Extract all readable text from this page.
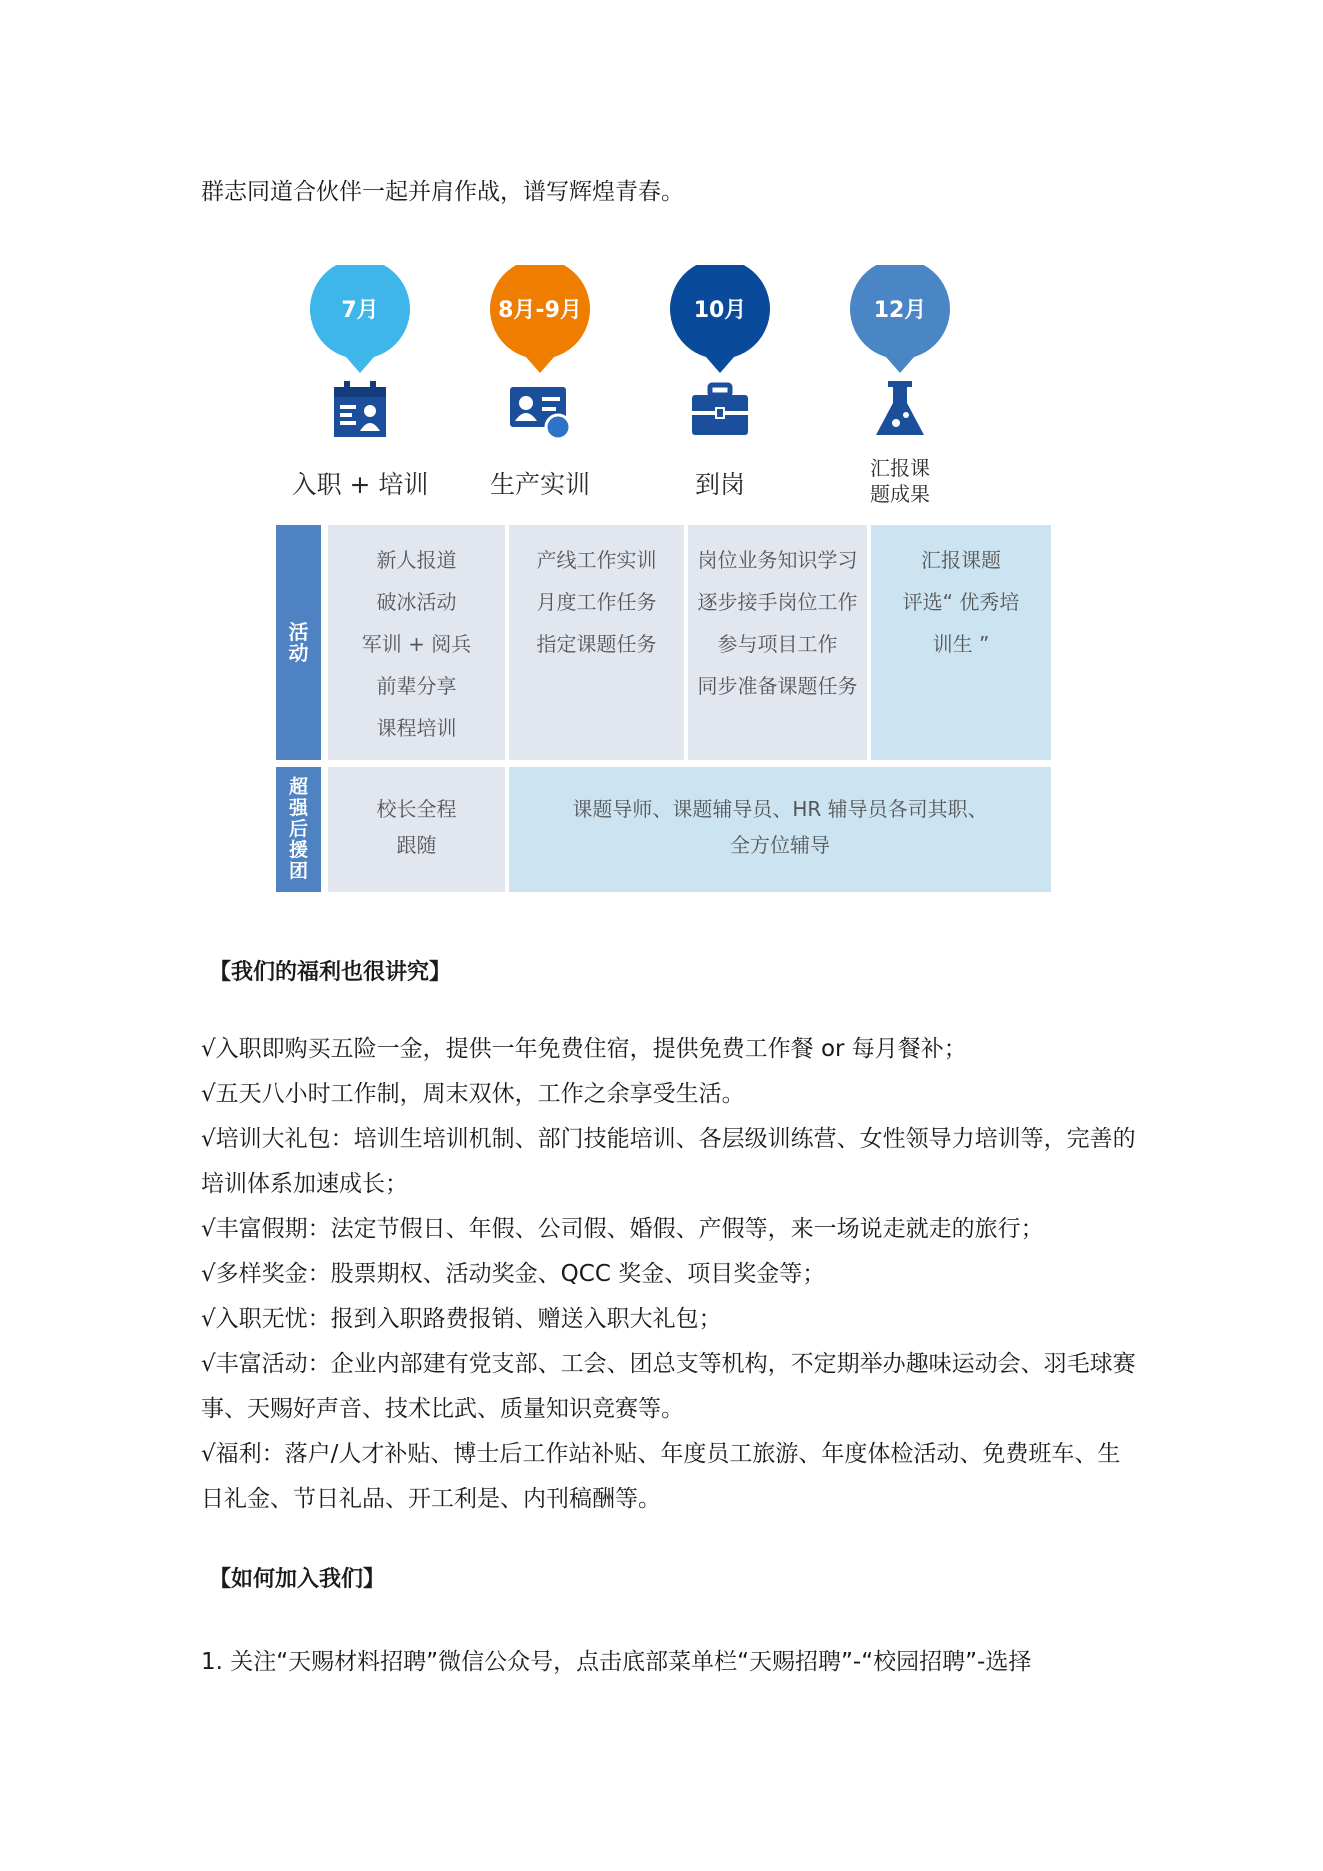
群志同道合伙伴一起并肩作战，谱写辉煌青春。

7月
入职 + 培训
8月-9月
生产实训
10月
到岗
12月
汇报课
题成果
活
动
新人报道
破冰活动
军训 + 阅兵
前辈分享
课程培训
产线工作实训
月度工作任务
指定课题任务
岗位业务知识学习
逐步接手岗位工作
参与项目工作
同步准备课题任务
汇报课题
评选“ 优秀培
训生 ”
超
强
后
援
团
校长全程
跟随
课题导师、课题辅导员、HR 辅导员各司其职、
全方位辅导

【我们的福利也很讲究】

√入职即购买五险一金，提供一年免费住宿，提供免费工作餐 or 每月餐补；

√五天八小时工作制，周末双休，工作之余享受生活。

√培训大礼包：培训生培训机制、部门技能培训、各层级训练营、女性领导力培训等，完善的培训体系加速成长；

√丰富假期：法定节假日、年假、公司假、婚假、产假等，来一场说走就走的旅行；

√多样奖金：股票期权、活动奖金、QCC 奖金、项目奖金等；

√入职无忧：报到入职路费报销、赠送入职大礼包；

√丰富活动：企业内部建有党支部、工会、团总支等机构，不定期举办趣味运动会、羽毛球赛事、天赐好声音、技术比武、质量知识竞赛等。

√福利：落户/人才补贴、博士后工作站补贴、年度员工旅游、年度体检活动、免费班车、生日礼金、节日礼品、开工利是、内刊稿酬等。

【如何加入我们】

1. 关注“天赐材料招聘”微信公众号，点击底部菜单栏“天赐招聘”-“校园招聘”-选择
